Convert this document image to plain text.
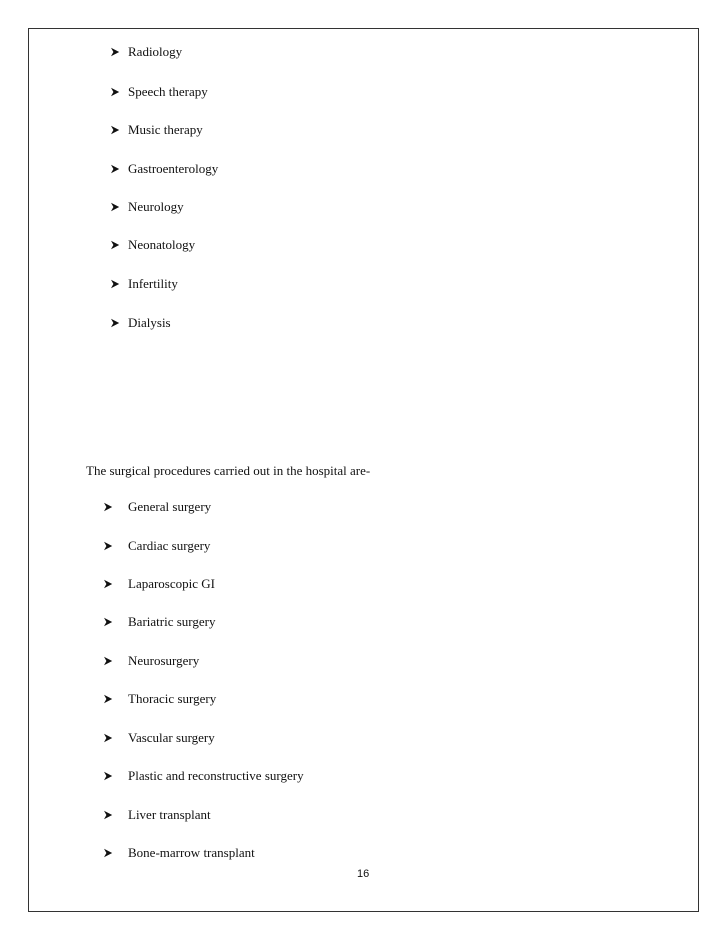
Radiology
Speech therapy
Music therapy
Gastroenterology
Neurology
Neonatology
Infertility
Dialysis
The surgical procedures carried out in the hospital are-
General surgery
Cardiac surgery
Laparoscopic GI
Bariatric surgery
Neurosurgery
Thoracic surgery
Vascular surgery
Plastic and reconstructive surgery
Liver transplant
Bone-marrow transplant
16
